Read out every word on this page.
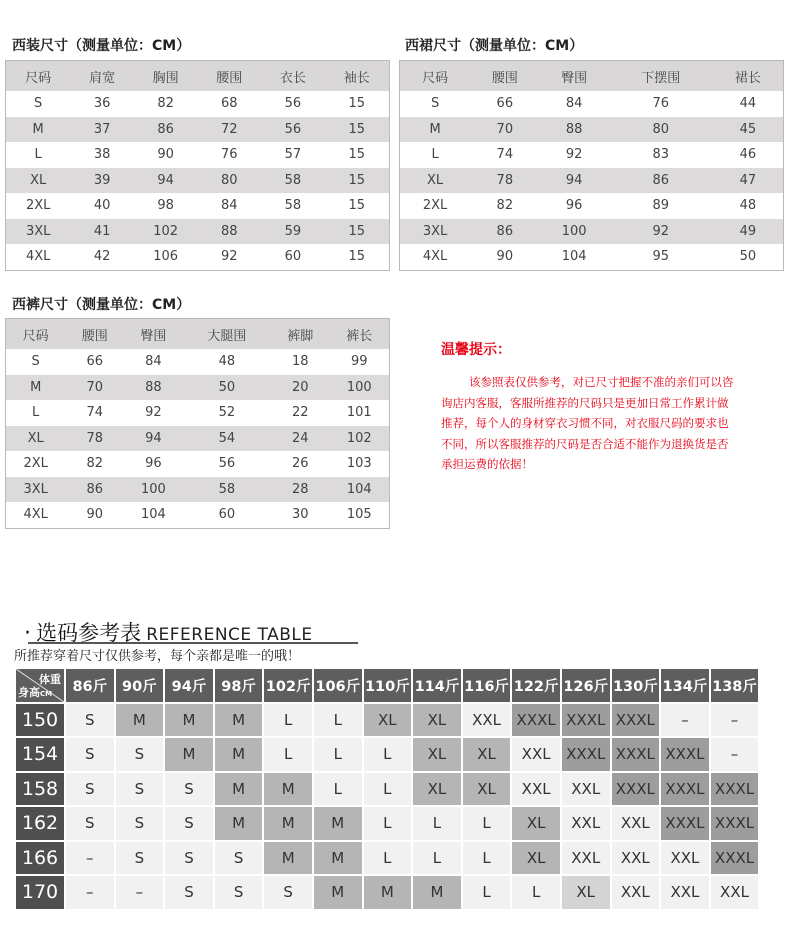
西装尺寸（测量单位：CM）
尺码	肩宽	胸围	腰围	衣长	袖长
S	36	82	68	56	15
M	37	86	72	56	15
L	38	90	76	57	15
XL	39	94	80	58	15
2XL	40	98	84	58	15
3XL	41	102	88	59	15
4XL	42	106	92	60	15
西裙尺寸（测量单位：CM）
尺码	腰围	臀围	下摆围	裙长
S	66	84	76	44
M	70	88	80	45
L	74	92	83	46
XL	78	94	86	47
2XL	82	96	89	48
3XL	86	100	92	49
4XL	90	104	95	50
西裤尺寸（测量单位：CM）
尺码	腰围	臀围	大腿围	裤脚	裤长
S	66	84	48	18	99
M	70	88	50	20	100
L	74	92	52	22	101
XL	78	94	54	24	102
2XL	82	96	56	26	103
3XL	86	100	58	28	104
4XL	90	104	60	30	105
温馨提示：
该参照表仅供参考，对已尺寸把握不准的亲们可以咨询店内客服，客服所推荐的尺码只是更加日常工作累计做推荐，每个人的身材穿衣习惯不同，对衣服尺码的要求也不同，所以客服推荐的尺码是否合适不能作为退换货是否承担运费的依据！
· 选码参考表 REFERENCE TABLE
所推荐穿着尺寸仅供参考，每个亲都是唯一的哦！
体重
身高CM	86斤	90斤	94斤	98斤	102斤	106斤	110斤	114斤	116斤	122斤	126斤	130斤	134斤	138斤
150	S	M	M	M	L	L	XL	XL	XXL	XXXL	XXXL	XXXL	–	–
154	S	S	M	M	L	L	L	XL	XL	XXL	XXXL	XXXL	XXXL	–
158	S	S	S	M	M	L	L	XL	XL	XXL	XXL	XXXL	XXXL	XXXL
162	S	S	S	M	M	M	L	L	L	XL	XXL	XXL	XXXL	XXXL
166	–	S	S	S	M	M	L	L	L	XL	XXL	XXL	XXL	XXXL
170	–	–	S	S	S	M	M	M	L	L	XL	XXL	XXL	XXL
